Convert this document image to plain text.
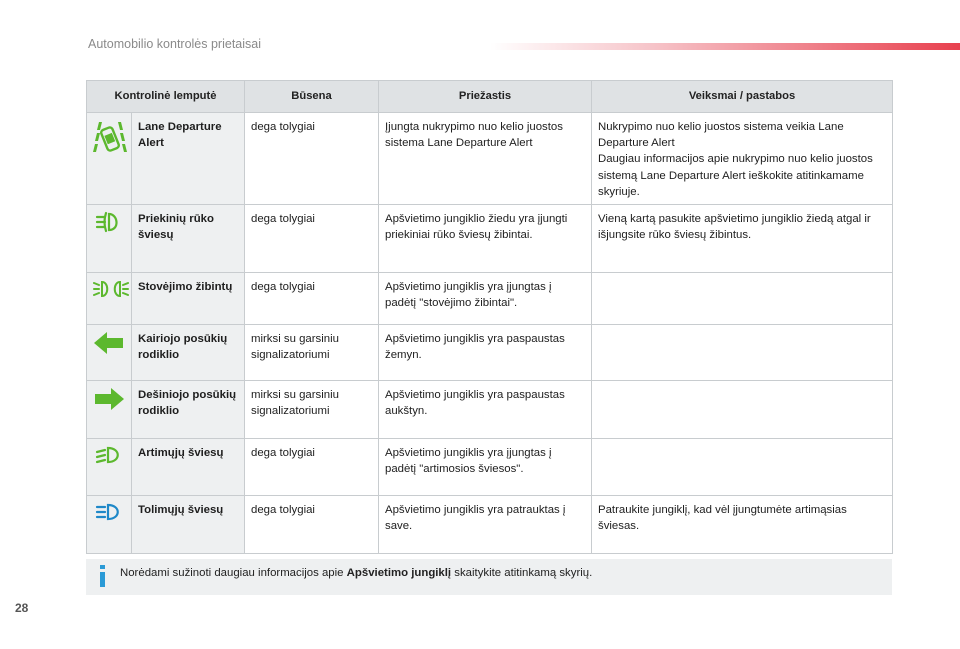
Automobilio kontrolės prietaisai
Kontrolinė lemputė		Būsena	Priežastis	Veiksmai / pastabos
	Lane Departure Alert	dega tolygiai	Įjungta nukrypimo nuo kelio juostos sistema Lane Departure Alert	Nukrypimo nuo kelio juostos sistema veikia Lane Departure Alert
Daugiau informacijos apie nukrypimo nuo kelio juostos sistemą Lane Departure Alert ieškokite atitinkamame skyriuje.
	Priekinių rūko šviesų	dega tolygiai	Apšvietimo jungiklio žiedu yra įjungti priekiniai rūko šviesų žibintai.	Vieną kartą pasukite apšvietimo jungiklio žiedą atgal ir išjungsite rūko šviesų žibintus.
	Stovėjimo žibintų	dega tolygiai	Apšvietimo jungiklis yra įjungtas į padėtį "stovėjimo žibintai".	
	Kairiojo posūkių rodiklio	mirksi su garsiniu signalizatoriumi	Apšvietimo jungiklis yra paspaustas žemyn.	
	Dešiniojo posūkių rodiklio	mirksi su garsiniu signalizatoriumi	Apšvietimo jungiklis yra paspaustas aukštyn.	
	Artimųjų šviesų	dega tolygiai	Apšvietimo jungiklis yra įjungtas į padėtį "artimosios šviesos".	
	Tolimųjų šviesų	dega tolygiai	Apšvietimo jungiklis yra patrauktas į save.	Patraukite jungiklį, kad vėl įjungtumėte artimąsias šviesas.
Norėdami sužinoti daugiau informacijos apie Apšvietimo jungiklį skaitykite atitinkamą skyrių.
28
